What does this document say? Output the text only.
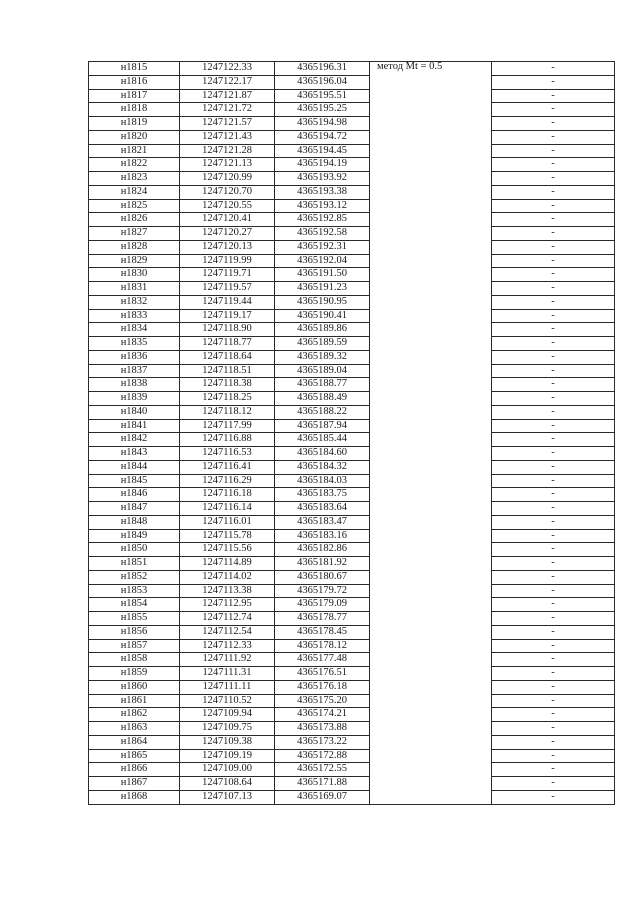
н1815	1247122.33	4365196.31	метод Mt = 0.5	-
н1816	1247122.17	4365196.04		-
н1817	1247121.87	4365195.51		-
н1818	1247121.72	4365195.25		-
н1819	1247121.57	4365194.98		-
н1820	1247121.43	4365194.72		-
н1821	1247121.28	4365194.45		-
н1822	1247121.13	4365194.19		-
н1823	1247120.99	4365193.92		-
н1824	1247120.70	4365193.38		-
н1825	1247120.55	4365193.12		-
н1826	1247120.41	4365192.85		-
н1827	1247120.27	4365192.58		-
н1828	1247120.13	4365192.31		-
н1829	1247119.99	4365192.04		-
н1830	1247119.71	4365191.50		-
н1831	1247119.57	4365191.23		-
н1832	1247119.44	4365190.95		-
н1833	1247119.17	4365190.41		-
н1834	1247118.90	4365189.86		-
н1835	1247118.77	4365189.59		-
н1836	1247118.64	4365189.32		-
н1837	1247118.51	4365189.04		-
н1838	1247118.38	4365188.77		-
н1839	1247118.25	4365188.49		-
н1840	1247118.12	4365188.22		-
н1841	1247117.99	4365187.94		-
н1842	1247116.88	4365185.44		-
н1843	1247116.53	4365184.60		-
н1844	1247116.41	4365184.32		-
н1845	1247116.29	4365184.03		-
н1846	1247116.18	4365183.75		-
н1847	1247116.14	4365183.64		-
н1848	1247116.01	4365183.47		-
н1849	1247115.78	4365183.16		-
н1850	1247115.56	4365182.86		-
н1851	1247114.89	4365181.92		-
н1852	1247114.02	4365180.67		-
н1853	1247113.38	4365179.72		-
н1854	1247112.95	4365179.09		-
н1855	1247112.74	4365178.77		-
н1856	1247112.54	4365178.45		-
н1857	1247112.33	4365178.12		-
н1858	1247111.92	4365177.48		-
н1859	1247111.31	4365176.51		-
н1860	1247111.11	4365176.18		-
н1861	1247110.52	4365175.20		-
н1862	1247109.94	4365174.21		-
н1863	1247109.75	4365173.88		-
н1864	1247109.38	4365173.22		-
н1865	1247109.19	4365172.88		-
н1866	1247109.00	4365172.55		-
н1867	1247108.64	4365171.88		-
н1868	1247107.13	4365169.07		-
